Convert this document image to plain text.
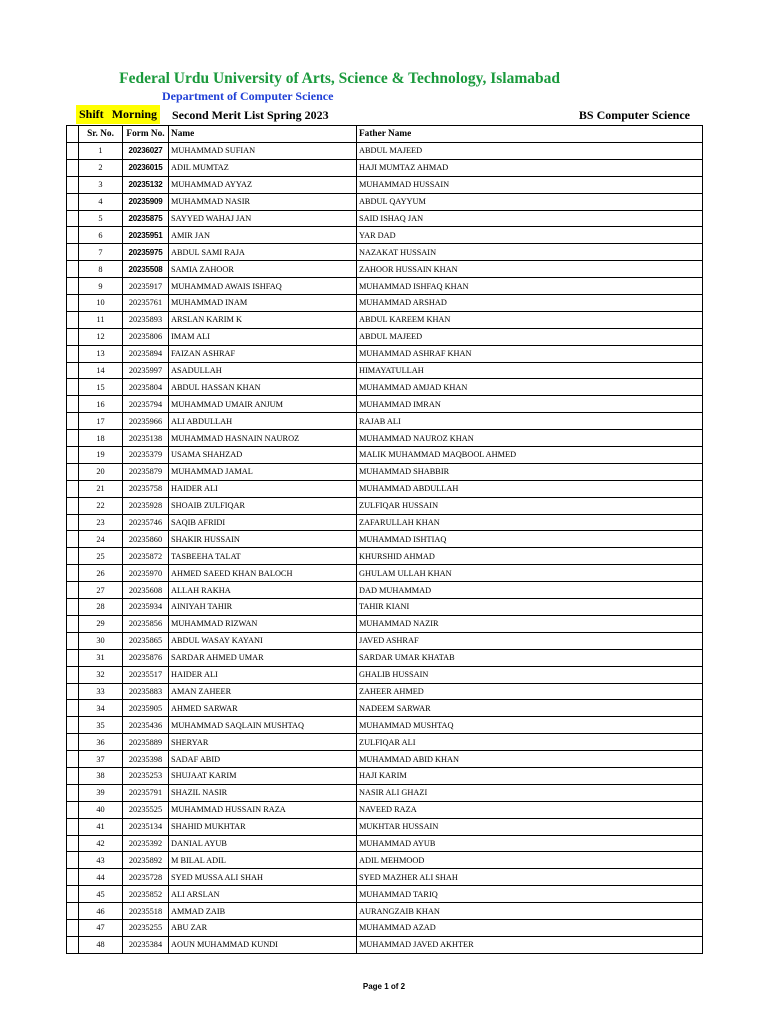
Federal Urdu University of Arts, Science & Technology, Islamabad
Department of Computer Science
Shift Morning Second Merit List Spring 2023	BS Computer Science
	Sr. No.	Form No.	Name	Father Name
	1	20236027	MUHAMMAD SUFIAN	ABDUL MAJEED
	2	20236015	ADIL MUMTAZ	HAJI MUMTAZ AHMAD
	3	20235132	MUHAMMAD AYYAZ	MUHAMMAD HUSSAIN
	4	20235909	MUHAMMAD NASIR	ABDUL QAYYUM
	5	20235875	SAYYED WAHAJ JAN	SAID ISHAQ JAN
	6	20235951	AMIR JAN	YAR DAD
	7	20235975	ABDUL SAMI RAJA	NAZAKAT HUSSAIN
	8	20235508	SAMIA ZAHOOR	ZAHOOR HUSSAIN KHAN
	9	20235917	MUHAMMAD AWAIS ISHFAQ	MUHAMMAD ISHFAQ KHAN
	10	20235761	MUHAMMAD INAM	MUHAMMAD ARSHAD
	11	20235893	ARSLAN KARIM K	ABDUL KAREEM KHAN
	12	20235806	IMAM ALI	ABDUL MAJEED
	13	20235894	FAIZAN ASHRAF	MUHAMMAD ASHRAF KHAN
	14	20235997	ASADULLAH	HIMAYATULLAH
	15	20235804	ABDUL HASSAN KHAN	MUHAMMAD AMJAD KHAN
	16	20235794	MUHAMMAD UMAIR ANJUM	MUHAMMAD IMRAN
	17	20235966	ALI ABDULLAH	RAJAB ALI
	18	20235138	MUHAMMAD HASNAIN NAUROZ	MUHAMMAD NAUROZ KHAN
	19	20235379	USAMA SHAHZAD	MALIK MUHAMMAD MAQBOOL AHMED
	20	20235879	MUHAMMAD JAMAL	MUHAMMAD SHABBIR
	21	20235758	HAIDER ALI	MUHAMMAD ABDULLAH
	22	20235928	SHOAIB ZULFIQAR	ZULFIQAR HUSSAIN
	23	20235746	SAQIB AFRIDI	ZAFARULLAH KHAN
	24	20235860	SHAKIR HUSSAIN	MUHAMMAD ISHTIAQ
	25	20235872	TASBEEHA TALAT	KHURSHID AHMAD
	26	20235970	AHMED SAEED KHAN BALOCH	GHULAM ULLAH KHAN
	27	20235608	ALLAH RAKHA	DAD MUHAMMAD
	28	20235934	AINIYAH TAHIR	TAHIR KIANI
	29	20235856	MUHAMMAD RIZWAN	MUHAMMAD NAZIR
	30	20235865	ABDUL WASAY KAYANI	JAVED ASHRAF
	31	20235876	SARDAR AHMED UMAR	SARDAR UMAR KHATAB
	32	20235517	HAIDER ALI	GHALIB HUSSAIN
	33	20235883	AMAN ZAHEER	ZAHEER AHMED
	34	20235905	AHMED SARWAR	NADEEM SARWAR
	35	20235436	MUHAMMAD SAQLAIN MUSHTAQ	MUHAMMAD MUSHTAQ
	36	20235889	SHERYAR	ZULFIQAR ALI
	37	20235398	SADAF ABID	MUHAMMAD ABID KHAN
	38	20235253	SHUJAAT KARIM	HAJI KARIM
	39	20235791	SHAZIL NASIR	NASIR ALI GHAZI
	40	20235525	MUHAMMAD HUSSAIN RAZA	NAVEED RAZA
	41	20235134	SHAHID MUKHTAR	MUKHTAR HUSSAIN
	42	20235392	DANIAL AYUB	MUHAMMAD AYUB
	43	20235892	M BILAL ADIL	ADIL MEHMOOD
	44	20235728	SYED MUSSA ALI SHAH	SYED MAZHER ALI SHAH
	45	20235852	ALI ARSLAN	MUHAMMAD TARIQ
	46	20235518	AMMAD ZAIB	AURANGZAIB KHAN
	47	20235255	ABU ZAR	MUHAMMAD AZAD
	48	20235384	AOUN MUHAMMAD KUNDI	MUHAMMAD JAVED AKHTER
Page 1 of 2
